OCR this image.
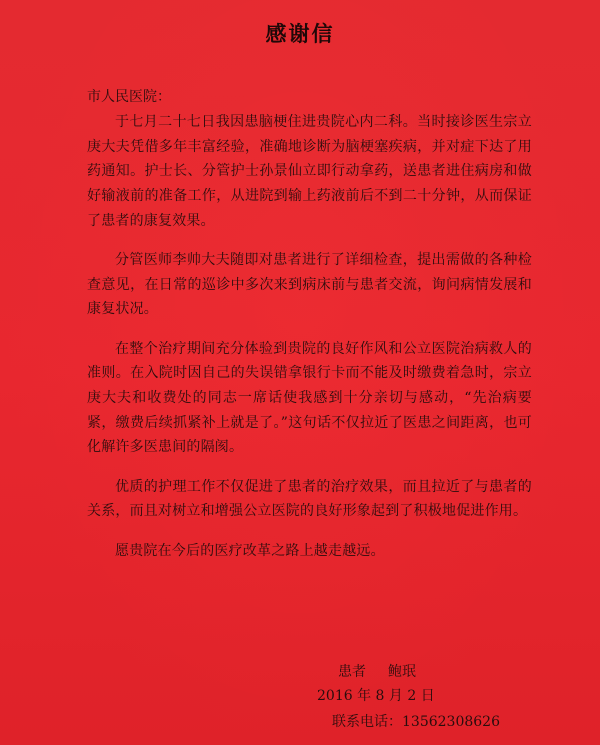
感谢信
市人民医院：

于七月二十七日我因患脑梗住进贵院心内二科。当时接诊医生宗立庚大夫凭借多年丰富经验，准确地诊断为脑梗塞疾病，并对症下达了用药通知。护士长、分管护士孙景仙立即行动拿药，送患者进住病房和做好输液前的准备工作，从进院到输上药液前后不到二十分钟，从而保证了患者的康复效果。

分管医师李帅大夫随即对患者进行了详细检查，提出需做的各种检查意见，在日常的巡诊中多次来到病床前与患者交流，询问病情发展和康复状况。

在整个治疗期间充分体验到贵院的良好作风和公立医院治病救人的准则。在入院时因自己的失误错拿银行卡而不能及时缴费着急时，宗立庚大夫和收费处的同志一席话使我感到十分亲切与感动，“先治病要紧，缴费后续抓紧补上就是了。”这句话不仅拉近了医患之间距离，也可化解许多医患间的隔阂。

优质的护理工作不仅促进了患者的治疗效果，而且拉近了与患者的关系，而且对树立和增强公立医院的良好形象起到了积极地促进作用。

愿贵院在今后的医疗改革之路上越走越远。

患者 鲍珉
2016 年 8 月 2 日
联系电话：13562308626
